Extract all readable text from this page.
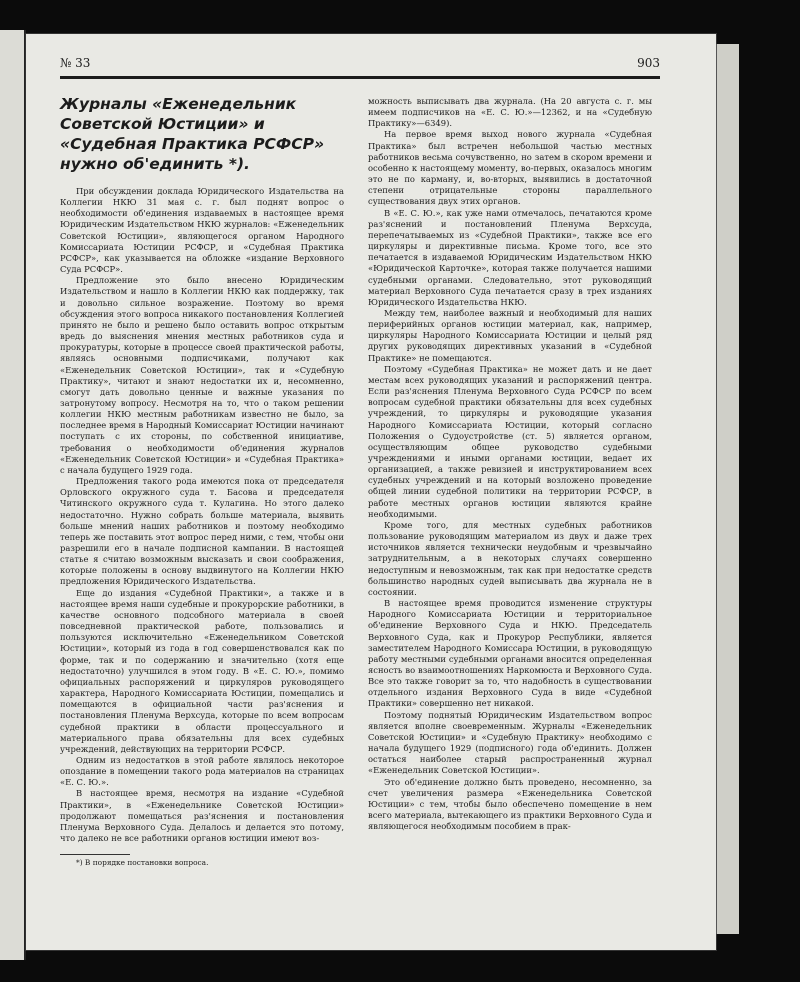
№ 33	903
Журналы «Еженедельник Советской Юстиции» и «Судебная Практика РСФСР» нужно об'единить *).

При обсуждении доклада Юридического Издательства на Коллегии НКЮ 31 мая с. г. был поднят вопрос о необходимости об'единения издаваемых в настоящее время Юридическим Издательством НКЮ журналов: «Еженедельник Советской Юстиции», являющегося органом Народного Комиссариата Юстиции РСФСР, и «Судебная Практика РСФСР», как указывается на обложке «издание Верховного Суда РСФСР».

Предложение это было внесено Юридическим Издательством и нашло в Коллегии НКЮ как поддержку, так и довольно сильное возражение. Поэтому во время обсуждения этого вопроса никакого постановления Коллегией принято не было и решено было оставить вопрос открытым вредь до выяснения мнения местных работников суда и прокуратуры, которые в процессе своей практической работы, являясь основными подписчиками, получают как «Еженедельник Советской Юстиции», так и «Судебную Практику», читают и знают недостатки их и, несомненно, смогут дать довольно ценные и важные указания по затронутому вопросу. Несмотря на то, что о таком решении коллегии НКЮ местным работникам известно не было, за последнее время в Народный Комиссариат Юстиции начинают поступать с их стороны, по собственной инициативе, требования о необходимости об'единения журналов «Еженедельник Советской Юстиции» и «Судебная Практика» с начала будущего 1929 года.

Предложения такого рода имеются пока от председателя Орловского окружного суда т. Басова и председателя Читинского окружного суда т. Кулагина. Но этого далеко недостаточно. Нужно собрать больше материала, выявить больше мнений наших работников и поэтому необходимо теперь же поставить этот вопрос перед ними, с тем, чтобы они разрешили его в начале подписной кампании. В настоящей статье я считаю возможным высказать и свои соображения, которые положены в основу выдвинутого на Коллегии НКЮ предложения Юридического Издательства.

Еще до издания «Судебной Практики», а также и в настоящее время наши судебные и прокурорские работники, в качестве основного подсобного материала в своей повседневной практической работе, пользовались и пользуются исключительно «Еженедельником Советской Юстиции», который из года в год совершенствовался как по форме, так и по содержанию и значительно (хотя еще недостаточно) улучшился в этом году. В «Е. С. Ю.», помимо официальных распоряжений и циркуляров руководящего характера, Народного Комиссариата Юстиции, помещались и помещаются в официальной части раз'яснения и постановления Пленума Верхсуда, которые по всем вопросам судебной практики в области процессуального и материального права обязательны для всех судебных учреждений, действующих на территории РСФСР.

Одним из недостатков в этой работе являлось некоторое опоздание в помещении такого рода материалов на страницах «Е. С. Ю.».

В настоящее время, несмотря на издание «Судебной Практики», в «Еженедельнике Советской Юстиции» продолжают помещаться раз'яснения и постановления Пленума Верховного Суда. Делалось и делается это потому, что далеко не все работники органов юстиции имеют воз-

*) В порядке постановки вопроса.

можность выписывать два журнала. (На 20 августа с. г. мы имеем подписчиков на «Е. С. Ю.»—12362, и на «Судебную Практику»—6349).

На первое время выход нового журнала «Судебная Практика» был встречен небольшой частью местных работников весьма сочувственно, но затем в скором времени и особенно к настоящему моменту, во-первых, оказалось многим это не по карману, и, во-вторых, выявились в достаточной степени отрицательные стороны параллельного существования двух этих органов.

В «Е. С. Ю.», как уже нами отмечалось, печатаются кроме раз'яснений и постановлений Пленума Верхсуда, перепечатываемых из «Судебной Практики», также все его циркуляры и директивные письма. Кроме того, все это печатается в издаваемой Юридическим Издательством НКЮ «Юридической Карточке», которая также получается нашими судебными органами. Следовательно, этот руководящий материал Верховного Суда печатается сразу в трех изданиях Юридического Издательства НКЮ.

Между тем, наиболее важный и необходимый для наших периферийных органов юстиции материал, как, например, циркуляры Народного Комиссариата Юстиции и целый ряд других руководящих директивных указаний в «Судебной Практике» не помещаются.

Поэтому «Судебная Практика» не может дать и не дает местам всех руководящих указаний и распоряжений центра. Если раз'яснения Пленума Верховного Суда РСФСР по всем вопросам судебной практики обязательны для всех судебных учреждений, то циркуляры и руководящие указания Народного Комиссариата Юстиции, который согласно Положения о Судоустройстве (ст. 5) является органом, осуществляющим общее руководство судебными учреждениями и иными органами юстиции, ведает их организацией, а также ревизией и инструктированием всех судебных учреждений и на который возложено проведение общей линии судебной политики на территории РСФСР, в работе местных органов юстиции являются крайне необходимыми.

Кроме того, для местных судебных работников пользование руководящим материалом из двух и даже трех источников является технически неудобным и чрезвычайно затруднительным, а в некоторых случаях совершенно недоступным и невозможным, так как при недостатке средств большинство народных судей выписывать два журнала не в состоянии.

В настоящее время проводится изменение структуры Народного Комиссариата Юстиции и территориальное об'единение Верховного Суда и НКЮ. Председатель Верховного Суда, как и Прокурор Республики, является заместителем Народного Комиссара Юстиции, в руководящую работу местными судебными органами вносится определенная ясность во взаимоотношениях Наркомюста и Верховного Суда. Все это также говорит за то, что надобность в существовании отдельного издания Верховного Суда в виде «Судебной Практики» совершенно нет никакой.

Поэтому поднятый Юридическим Издательством вопрос является вполне своевременным. Журналы «Еженедельник Советской Юстиции» и «Судебную Практику» необходимо с начала будущего 1929 (подписного) года об'единить. Должен остаться наиболее старый распространенный журнал «Еженедельник Советской Юстиции».

Это об'единение должно быть проведено, несомненно, за счет увеличения размера «Еженедельника Советской Юстиции» с тем, чтобы было обеспечено помещение в нем всего материала, вытекающего из практики Верховного Суда и являющегося необходимым пособием в прак-
